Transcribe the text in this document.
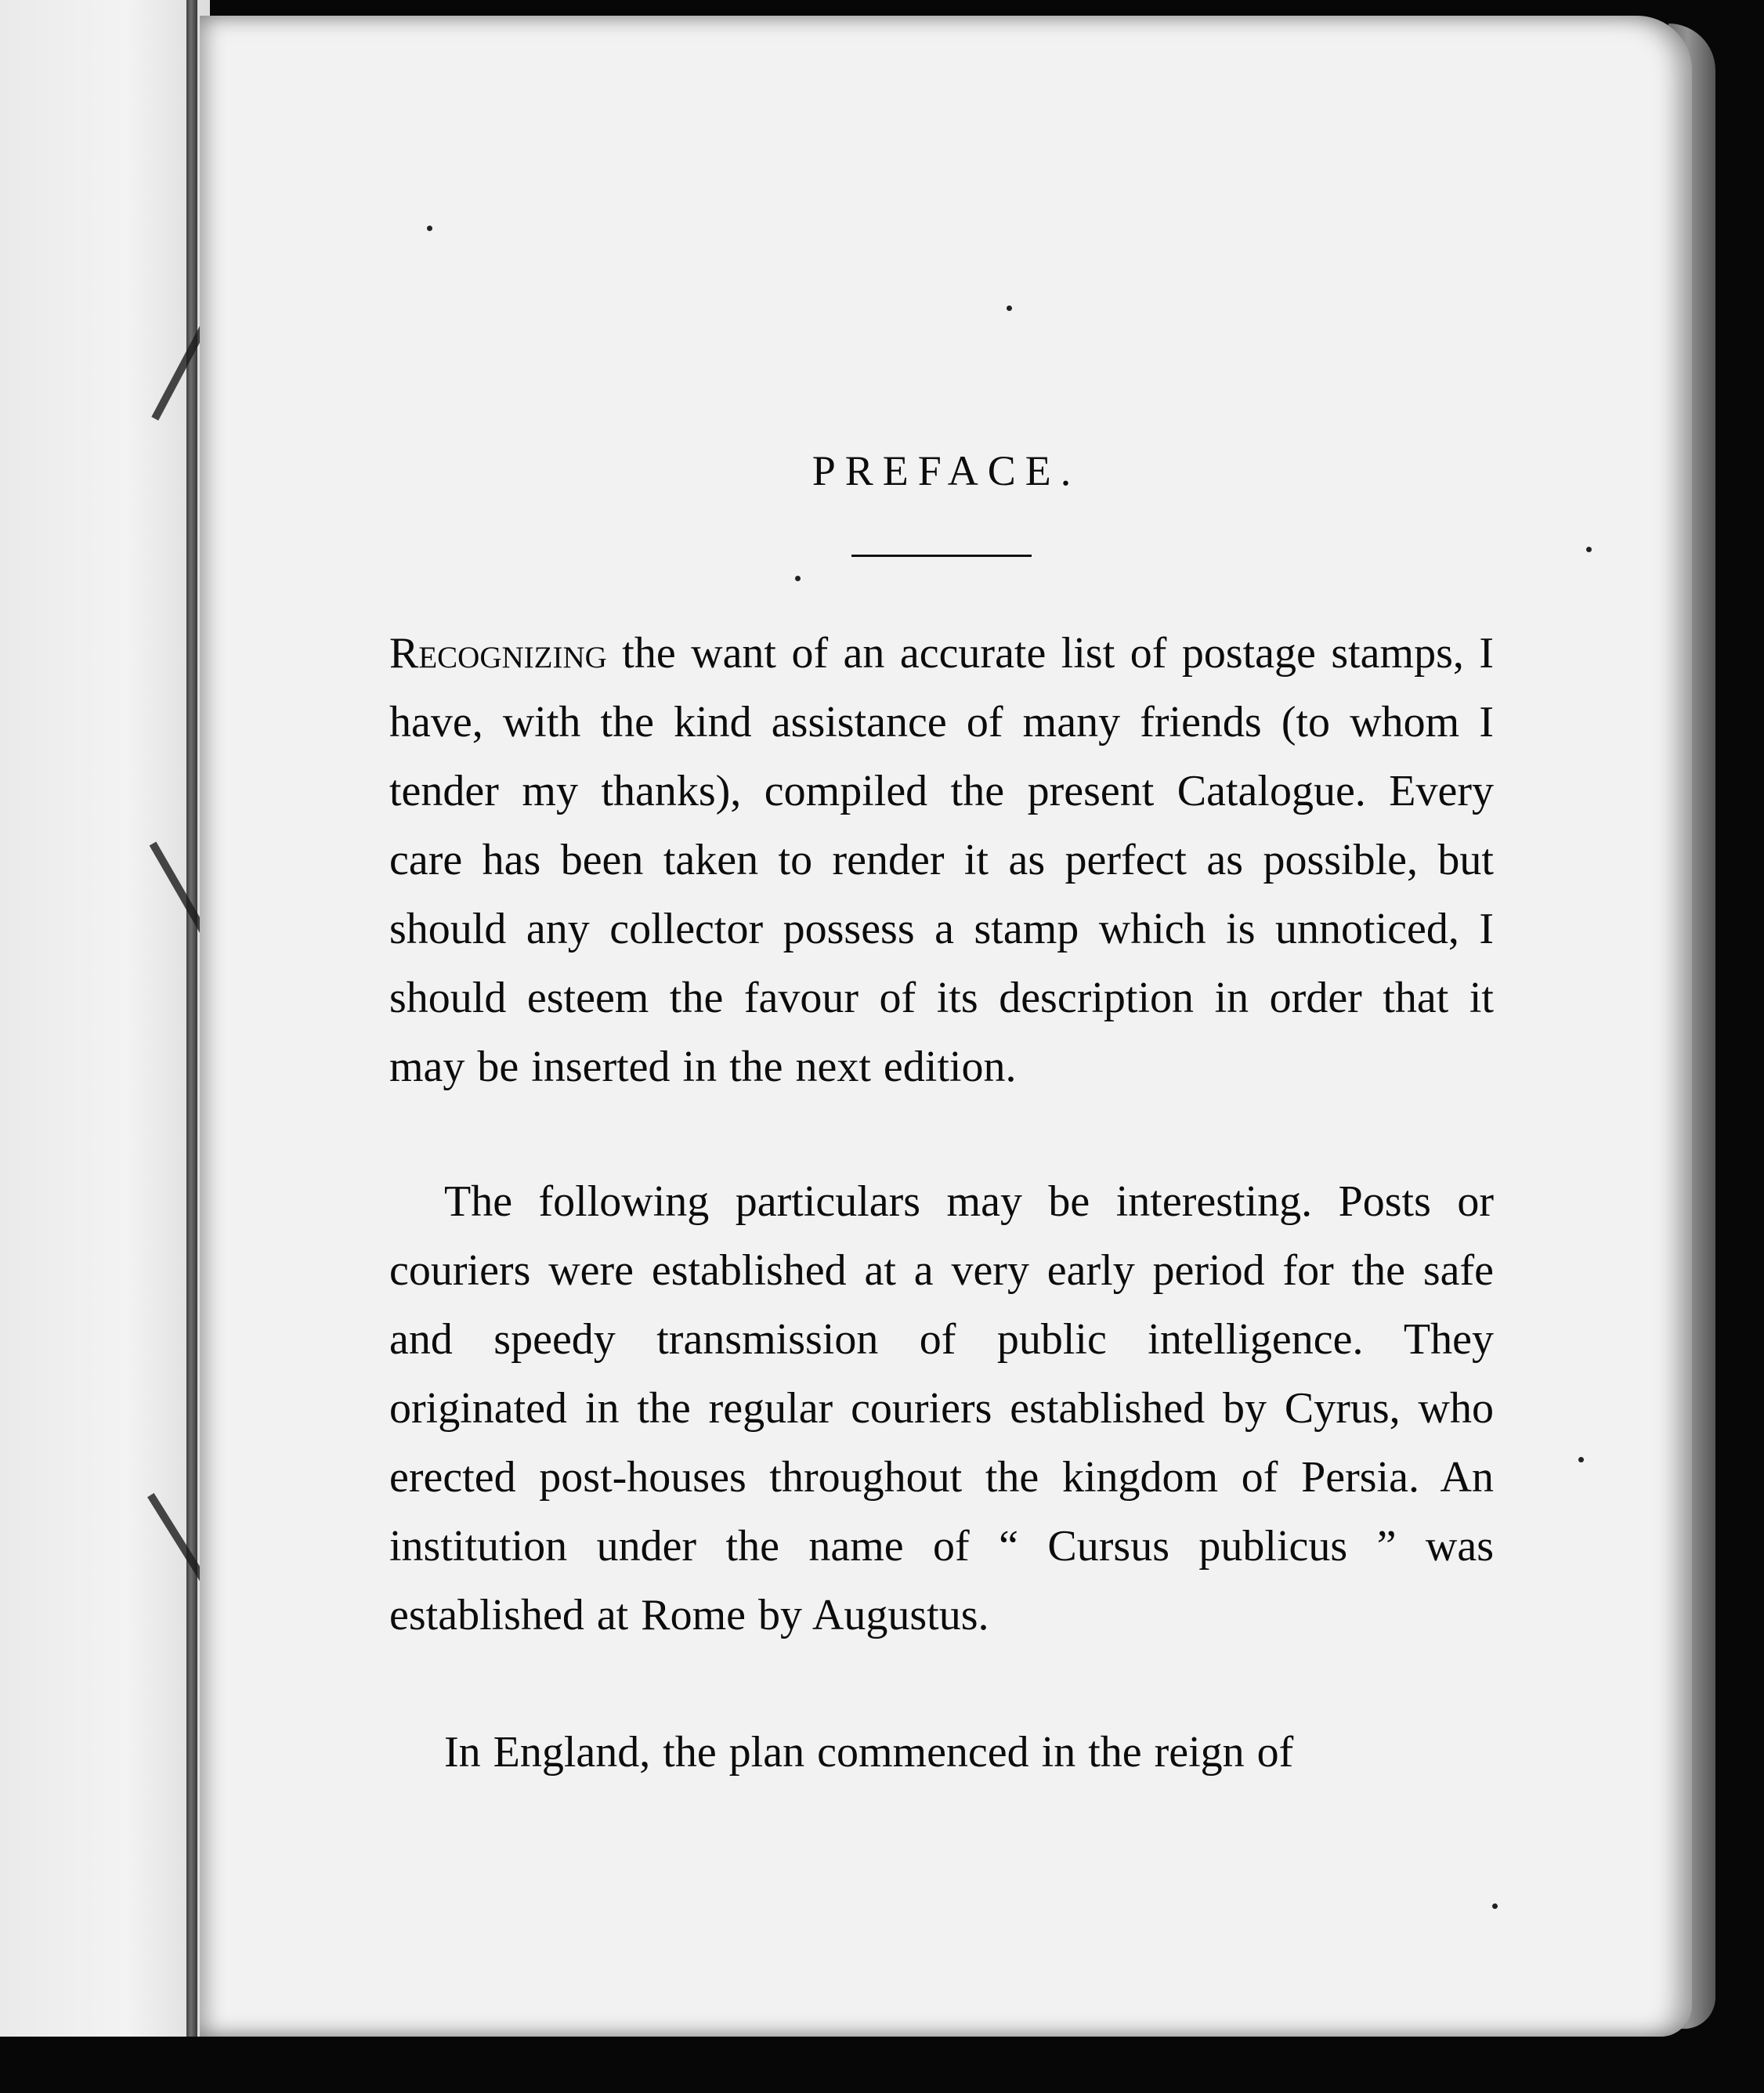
PREFACE.

Recognizing the want of an accurate list of postage stamps, I have, with the kind assistance of many friends (to whom I tender my thanks), compiled the present Catalogue. Every care has been taken to render it as perfect as possible, but should any collector possess a stamp which is unnoticed, I should esteem the favour of its description in order that it may be inserted in the next edition.

The following particulars may be interesting. Posts or couriers were established at a very early period for the safe and speedy transmission of public intelligence. They originated in the regular couriers established by Cyrus, who erected post-houses throughout the kingdom of Persia. An institution under the name of “ Cursus publicus ” was established at Rome by Augustus.

In England, the plan commenced in the reign of
